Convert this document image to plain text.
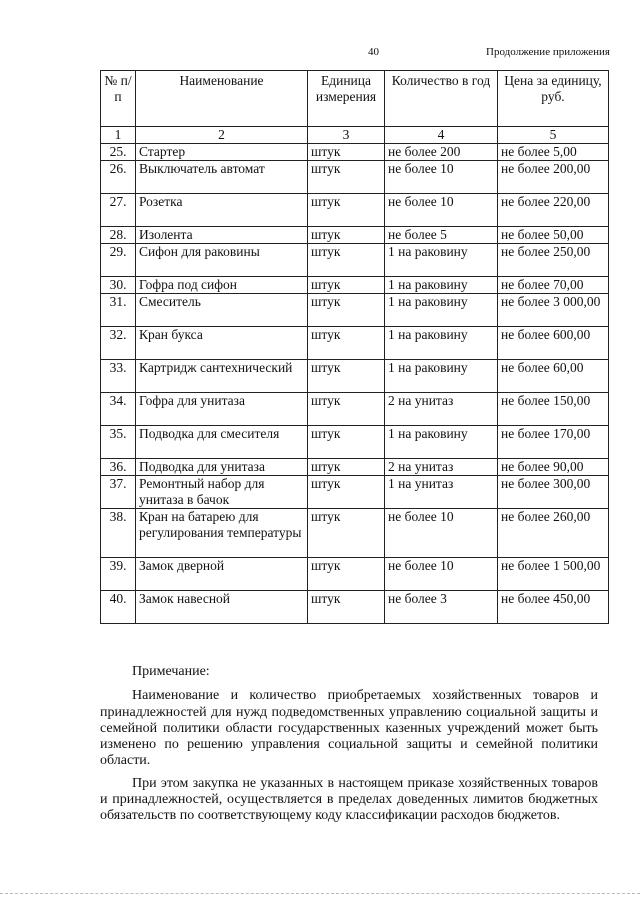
40	Продолжение приложения
№ п/п	Наименование	Единица измерения	Количество в год	Цена за единицу, руб.
1	2	3	4	5
25.	Стартер	штук	не более 200	не более 5,00
26.	Выключатель автомат	штук	не более 10	не более 200,00
27.	Розетка	штук	не более 10	не более 220,00
28.	Изолента	штук	не более 5	не более 50,00
29.	Сифон для раковины	штук	1 на раковину	не более 250,00
30.	Гофра под сифон	штук	1 на раковину	не более 70,00
31.	Смеситель	штук	1 на раковину	не более 3 000,00
32.	Кран букса	штук	1 на раковину	не более 600,00
33.	Картридж сантехнический	штук	1 на раковину	не более 60,00
34.	Гофра для унитаза	штук	2 на унитаз	не более 150,00
35.	Подводка для смесителя	штук	1 на раковину	не более 170,00
36.	Подводка для унитаза	штук	2 на унитаз	не более 90,00
37.	Ремонтный набор для унитаза в бачок	штук	1 на унитаз	не более 300,00
38.	Кран на батарею для регулирования температуры	штук	не более 10	не более 260,00
39.	Замок дверной	штук	не более 10	не более 1 500,00
40.	Замок навесной	штук	не более 3	не более 450,00

Примечание:

Наименование и количество приобретаемых хозяйственных товаров и принадлежностей для нужд подведомственных управлению социальной защиты и семейной политики области государственных казенных учреждений может быть изменено по решению управления социальной защиты и семейной политики области.

При этом закупка не указанных в настоящем приказе хозяйственных товаров и принадлежностей, осуществляется в пределах доведенных лимитов бюджетных обязательств по соответствующему коду классификации расходов бюджетов.
